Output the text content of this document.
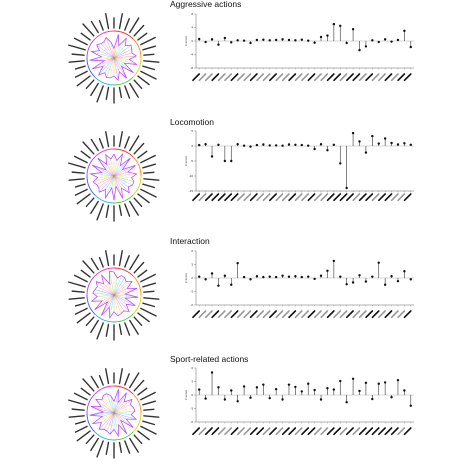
Aggressive actions
-8
-4
0
4
8
Z-score
Locomotion
-15
-10
-5
0
5
Z-score
Interaction
-6
-3
0
3
6
Z-score
Sport-related actions
-6
-3
0
3
6
Z-score
